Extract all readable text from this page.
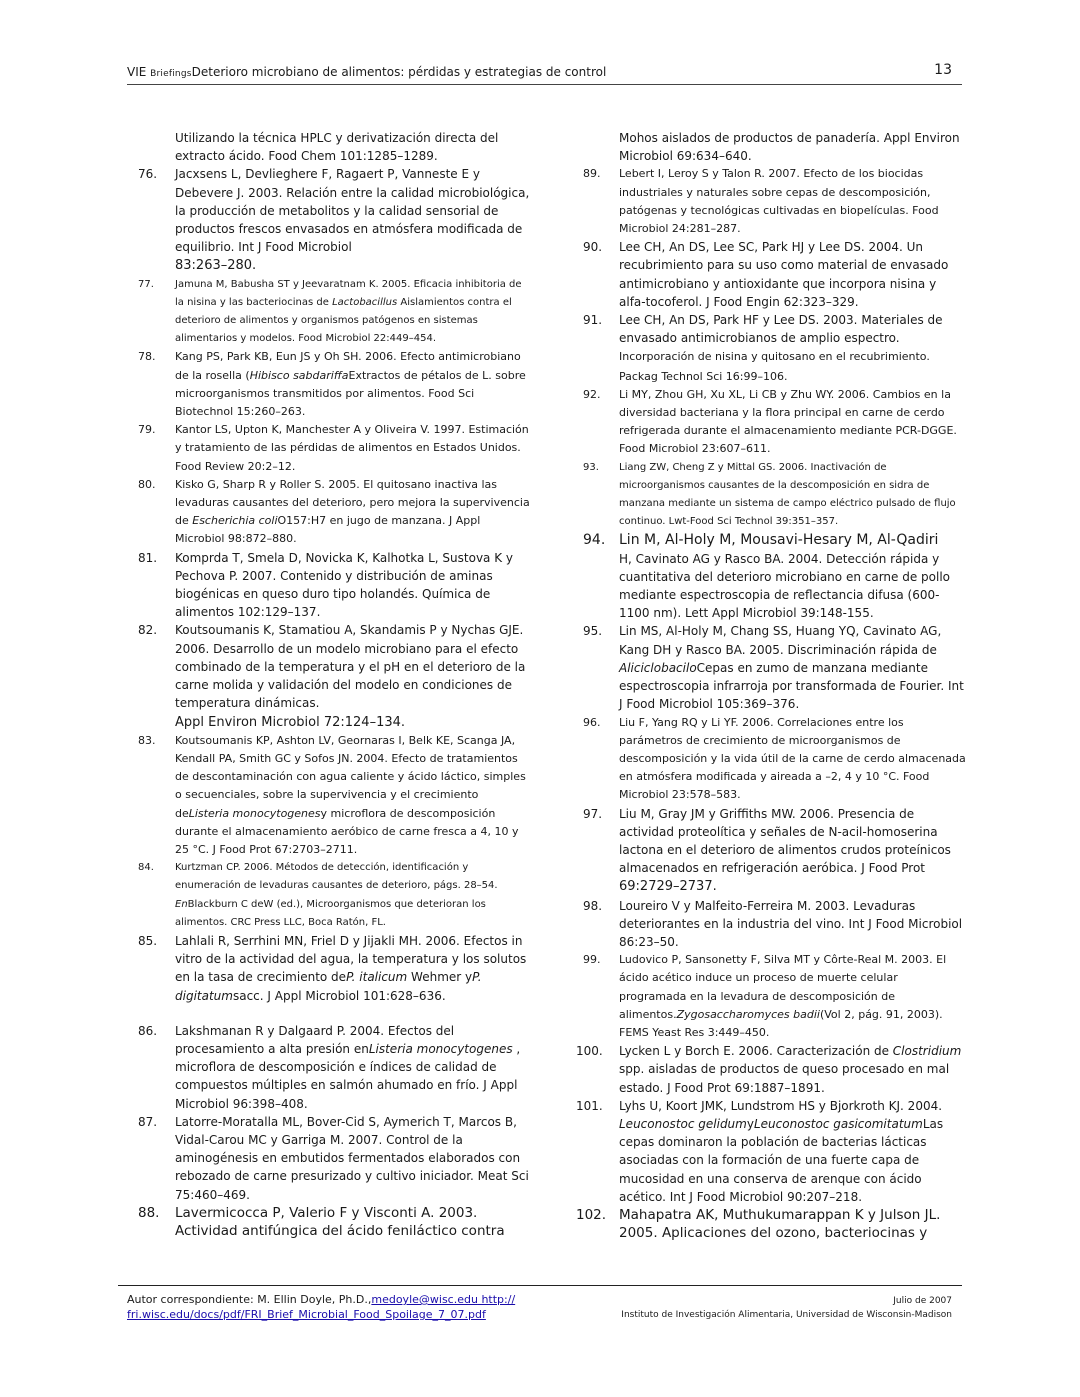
VIE BriefingsDeterioro microbiano de alimentos: pérdidas y estrategias de control	13
Utilizando la técnica HPLC y derivatización directa del extracto ácido. Food Chem 101:1285–1289.
76. Jacxsens L, Devlieghere F, Ragaert P, Vanneste E y Debevere J. 2003. Relación entre la calidad microbiológica, la producción de metabolitos y la calidad sensorial de productos frescos envasados en atmósfera modificada de equilibrio. Int J Food Microbiol
83:263–280.
77. Jamuna M, Babusha ST y Jeevaratnam K. 2005. Eficacia inhibitoria de la nisina y las bacteriocinas de Lactobacillus Aislamientos contra el deterioro de alimentos y organismos patógenos en sistemas alimentarios y modelos. Food Microbiol 22:449–454.
78. Kang PS, Park KB, Eun JS y Oh SH. 2006. Efecto antimicrobiano de la rosella (Hibisco sabdariffaExtractos de pétalos de L. sobre microorganismos transmitidos por alimentos. Food Sci Biotechnol 15:260–263.
79. Kantor LS, Upton K, Manchester A y Oliveira V. 1997. Estimación y tratamiento de las pérdidas de alimentos en Estados Unidos. Food Review 20:2–12.
80. Kisko G, Sharp R y Roller S. 2005. El quitosano inactiva las levaduras causantes del deterioro, pero mejora la supervivencia de Escherichia coliO157:H7 en jugo de manzana. J Appl Microbiol 98:872–880.
81. Komprda T, Smela D, Novicka K, Kalhotka L, Sustova K y Pechova P. 2007. Contenido y distribución de aminas biogénicas en queso duro tipo holandés. Química de alimentos 102:129–137.
82. Koutsoumanis K, Stamatiou A, Skandamis P y Nychas GJE. 2006. Desarrollo de un modelo microbiano para el efecto combinado de la temperatura y el pH en el deterioro de la carne molida y validación del modelo en condiciones de temperatura dinámicas.
Appl Environ Microbiol 72:124–134.
83. Koutsoumanis KP, Ashton LV, Geornaras I, Belk KE, Scanga JA, Kendall PA, Smith GC y Sofos JN. 2004. Efecto de tratamientos de descontaminación con agua caliente y ácido láctico, simples o secuenciales, sobre la supervivencia y el crecimiento deListeria monocytogenesy microflora de descomposición durante el almacenamiento aeróbico de carne fresca a 4, 10 y 25 °C. J Food Prot 67:2703–2711.
84. Kurtzman CP. 2006. Métodos de detección, identificación y enumeración de levaduras causantes de deterioro, págs. 28–54. EnBlackburn C deW (ed.), Microorganismos que deterioran los alimentos. CRC Press LLC, Boca Ratón, FL.
85. Lahlali R, Serrhini MN, Friel D y Jijakli MH. 2006. Efectos in vitro de la actividad del agua, la temperatura y los solutos en la tasa de crecimiento deP. italicum Wehmer yP. digitatumsacc. J Appl Microbiol 101:628–636.
86. Lakshmanan R y Dalgaard P. 2004. Efectos del procesamiento a alta presión enListeria monocytogenes , microflora de descomposición e índices de calidad de compuestos múltiples en salmón ahumado en frío. J Appl Microbiol 96:398–408.
87. Latorre-Moratalla ML, Bover-Cid S, Aymerich T, Marcos B, Vidal-Carou MC y Garriga M. 2007. Control de la aminogénesis en embutidos fermentados elaborados con rebozado de carne presurizado y cultivo iniciador. Meat Sci 75:460–469.
88. Lavermicocca P, Valerio F y Visconti A. 2003. Actividad antifúngica del ácido feniláctico contra
Mohos aislados de productos de panadería. Appl Environ Microbiol 69:634–640.
89. Lebert I, Leroy S y Talon R. 2007. Efecto de los biocidas industriales y naturales sobre cepas de descomposición, patógenas y tecnológicas cultivadas en biopelículas. Food Microbiol 24:281–287.
90. Lee CH, An DS, Lee SC, Park HJ y Lee DS. 2004. Un recubrimiento para su uso como material de envasado antimicrobiano y antioxidante que incorpora nisina y alfa-tocoferol. J Food Engin 62:323–329.
91. Lee CH, An DS, Park HF y Lee DS. 2003. Materiales de envasado antimicrobianos de amplio espectro.
Incorporación de nisina y quitosano en el recubrimiento. Packag Technol Sci 16:99–106.
92. Li MY, Zhou GH, Xu XL, Li CB y Zhu WY. 2006. Cambios en la diversidad bacteriana y la flora principal en carne de cerdo refrigerada durante el almacenamiento mediante PCR-DGGE. Food Microbiol 23:607–611.
93. Liang ZW, Cheng Z y Mittal GS. 2006. Inactivación de microorganismos causantes de la descomposición en sidra de manzana mediante un sistema de campo eléctrico pulsado de flujo continuo. Lwt-Food Sci Technol 39:351–357.
94. Lin M, Al-Holy M, Mousavi-Hesary M, Al-Qadiri
H, Cavinato AG y Rasco BA. 2004. Detección rápida y cuantitativa del deterioro microbiano en carne de pollo mediante espectroscopia de reflectancia difusa (600-1100 nm). Lett Appl Microbiol 39:148-155.
95. Lin MS, Al-Holy M, Chang SS, Huang YQ, Cavinato AG, Kang DH y Rasco BA. 2005. Discriminación rápida de AliciclobaciloCepas en zumo de manzana mediante espectroscopia infrarroja por transformada de Fourier. Int J Food Microbiol 105:369–376.
96. Liu F, Yang RQ y Li YF. 2006. Correlaciones entre los parámetros de crecimiento de microorganismos de descomposición y la vida útil de la carne de cerdo almacenada en atmósfera modificada y aireada a –2, 4 y 10 °C. Food Microbiol 23:578–583.
97. Liu M, Gray JM y Griffiths MW. 2006. Presencia de actividad proteolítica y señales de N-acil-homoserina lactona en el deterioro de alimentos crudos proteínicos almacenados en refrigeración aeróbica. J Food Prot
69:2729–2737.
98. Loureiro V y Malfeito-Ferreira M. 2003. Levaduras deteriorantes en la industria del vino. Int J Food Microbiol 86:23–50.
99. Ludovico P, Sansonetty F, Silva MT y Côrte-Real M. 2003. El ácido acético induce un proceso de muerte celular programada en la levadura de descomposición de alimentos.Zygosaccharomyces badii(Vol 2, pág. 91, 2003). FEMS Yeast Res 3:449–450.
100. Lycken L y Borch E. 2006. Caracterización de Clostridium spp. aisladas de productos de queso procesado en mal estado. J Food Prot 69:1887–1891.
101. Lyhs U, Koort JMK, Lundstrom HS y Bjorkroth KJ. 2004. Leuconostoc gelidumyLeuconostoc gasicomitatumLas cepas dominaron la población de bacterias lácticas asociadas con la formación de una fuerte capa de mucosidad en una conserva de arenque con ácido acético. Int J Food Microbiol 90:207–218.
102. Mahapatra AK, Muthukumarappan K y Julson JL. 2005. Aplicaciones del ozono, bacteriocinas y
Autor correspondiente: M. Ellin Doyle, Ph.D.,medoyle@wisc.edu http://
fri.wisc.edu/docs/pdf/FRI_Brief_Microbial_Food_Spoilage_7_07.pdf
Julio de 2007
Instituto de Investigación Alimentaria, Universidad de Wisconsin-Madison
